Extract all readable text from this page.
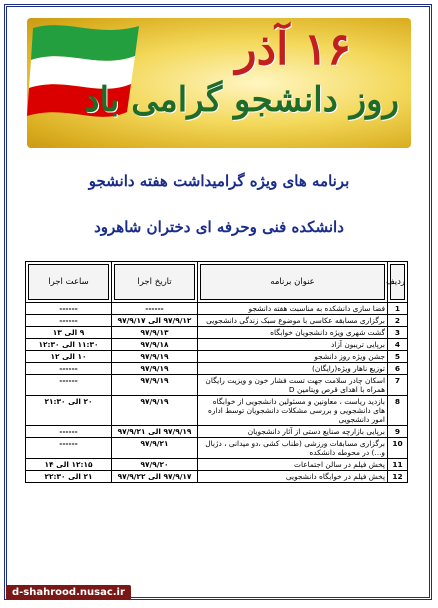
۱۶ آذر
روز دانشجو گرامی باد
برنامه های ویژه گرامیداشت هفته دانشجو
دانشکده فنی وحرفه ای دختران شاهرود
ردیف	عنوان برنامه	تاریخ اجرا	ساعت اجرا
1	فضا سازی دانشکده به مناسبت هفته دانشجو	------	------
2	برگزاری مسابقه عکاسی با موضوع سبک زندگی دانشجویی	۹۷/۹/۱۲ الی ۹۷/۹/۱۷	------
3	گشت شهری ویژه دانشجویان خوابگاه	۹۷/۹/۱۳	۹ الی ۱۳
4	برپایی تریبون آزاد	۹۷/۹/۱۸	۱۱:۳۰ الی ۱۲:۳۰
5	جشن ویژه روز دانشجو	۹۷/۹/۱۹	۱۰ الی ۱۲
6	توزیع ناهار ویژه(رایگان)	۹۷/۹/۱۹	------
7	اسکان چادر سلامت جهت تست فشار خون و ویزیت رایگان همراه با اهدای قرص ویتامین D	۹۷/۹/۱۹	------
8	بازدید ریاست ، معاونین و مسئولین دانشجویی از خوابگاه های دانشجویی و بررسی مشکلات دانشجویان توسط اداره امور دانشجویی	۹۷/۹/۱۹	۲۰ الی ۲۱:۳۰
9	برپایی بازارچه صنایع دستی از آثار دانشجویان	۹۷/۹/۱۹ الی ۹۷/۹/۲۱	------
10	برگزاری مسابقات ورزشی (طناب کشی ،دو میدانی ، دژبال و...) در محوطه دانشکده	۹۷/۹/۲۱	------
11	پخش فیلم در سالن اجتماعات	۹۷/۹/۲۰	۱۲:۱۵ الی ۱۴
12	پخش فیلم در خوابگاه دانشجویی	۹۷/۹/۱۷ الی ۹۷/۹/۲۲	۲۱ الی ۲۲:۳۰
d-shahrood.nusac.ir
